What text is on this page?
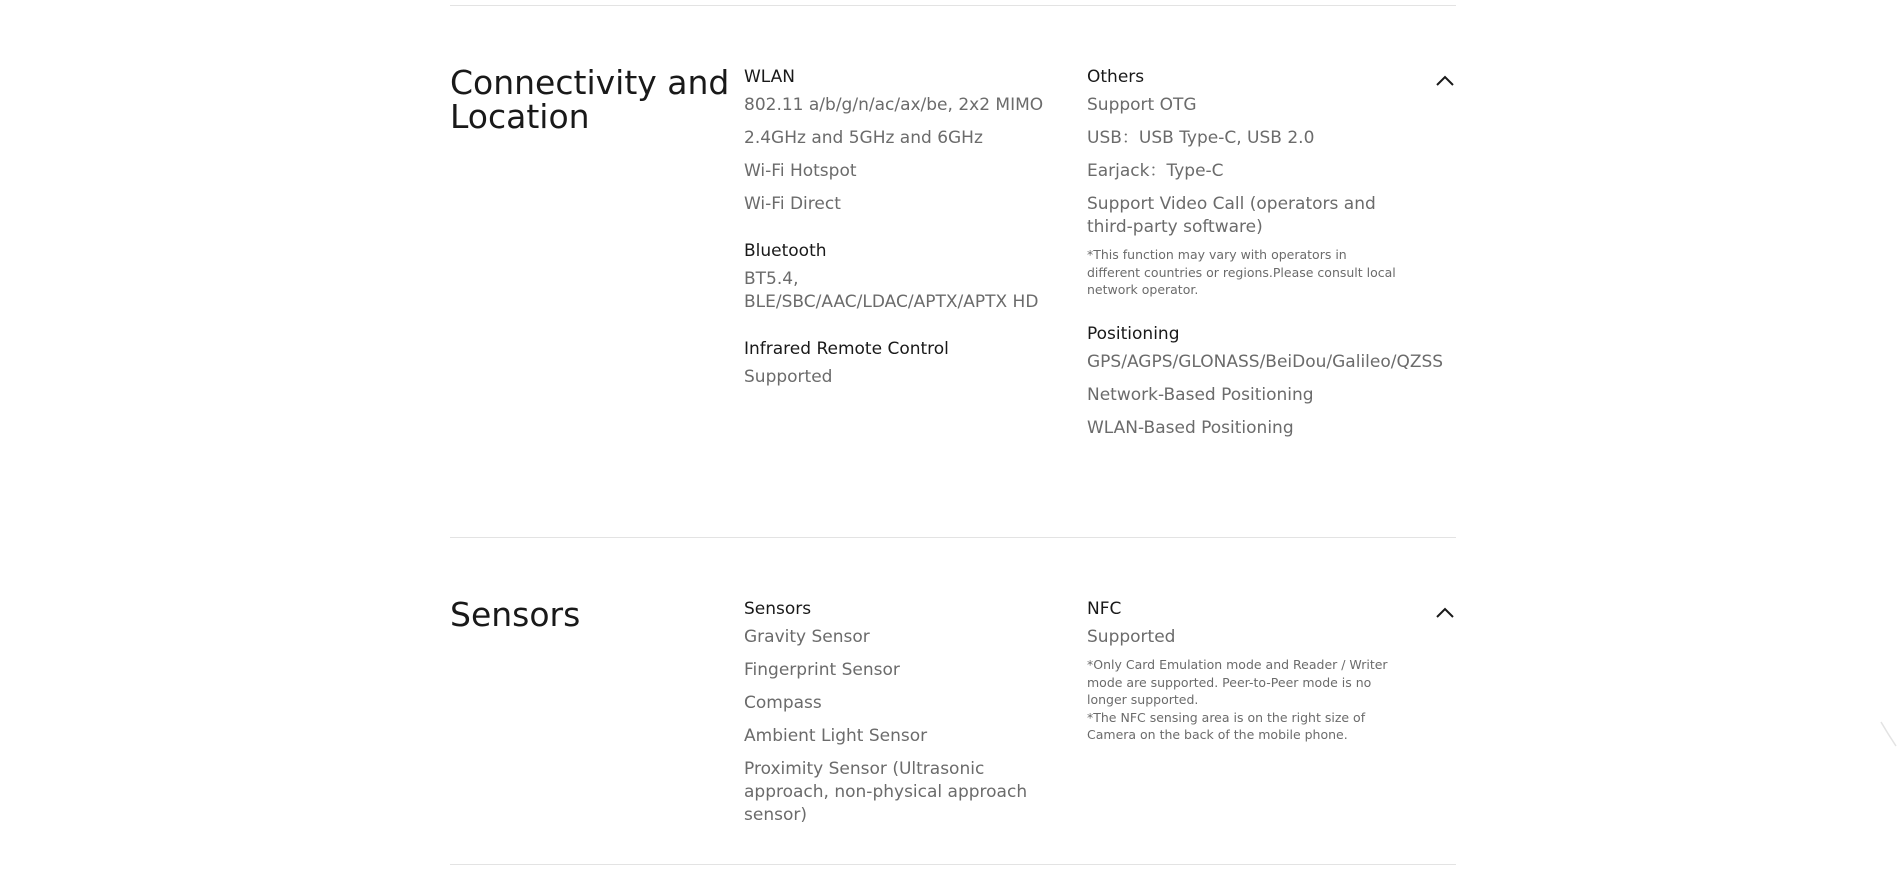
Connectivity and Location
WLAN
802.11 a/b/g/n/ac/ax/be, 2x2 MIMO
2.4GHz and 5GHz and 6GHz
Wi-Fi Hotspot
Wi-Fi Direct
Bluetooth
BT5.4, BLE/SBC/AAC/LDAC/APTX/APTX HD
Infrared Remote Control
Supported
Others
Support OTG
USB：USB Type-C, USB 2.0
Earjack：Type-C
Support Video Call (operators and third-party software)
*This function may vary with operators in different countries or regions.Please consult local network operator.
Positioning
GPS/AGPS/GLONASS/BeiDou/Galileo/QZSS
Network-Based Positioning
WLAN-Based Positioning
Sensors	Sensors
Gravity Sensor
Fingerprint Sensor
Compass
Ambient Light Sensor
Proximity Sensor (Ultrasonic approach, non-physical approach sensor)
NFC
Supported
*Only Card Emulation mode and Reader / Writer mode are supported. Peer-to-Peer mode is no longer supported.
*The NFC sensing area is on the right size of Camera on the back of the mobile phone.
